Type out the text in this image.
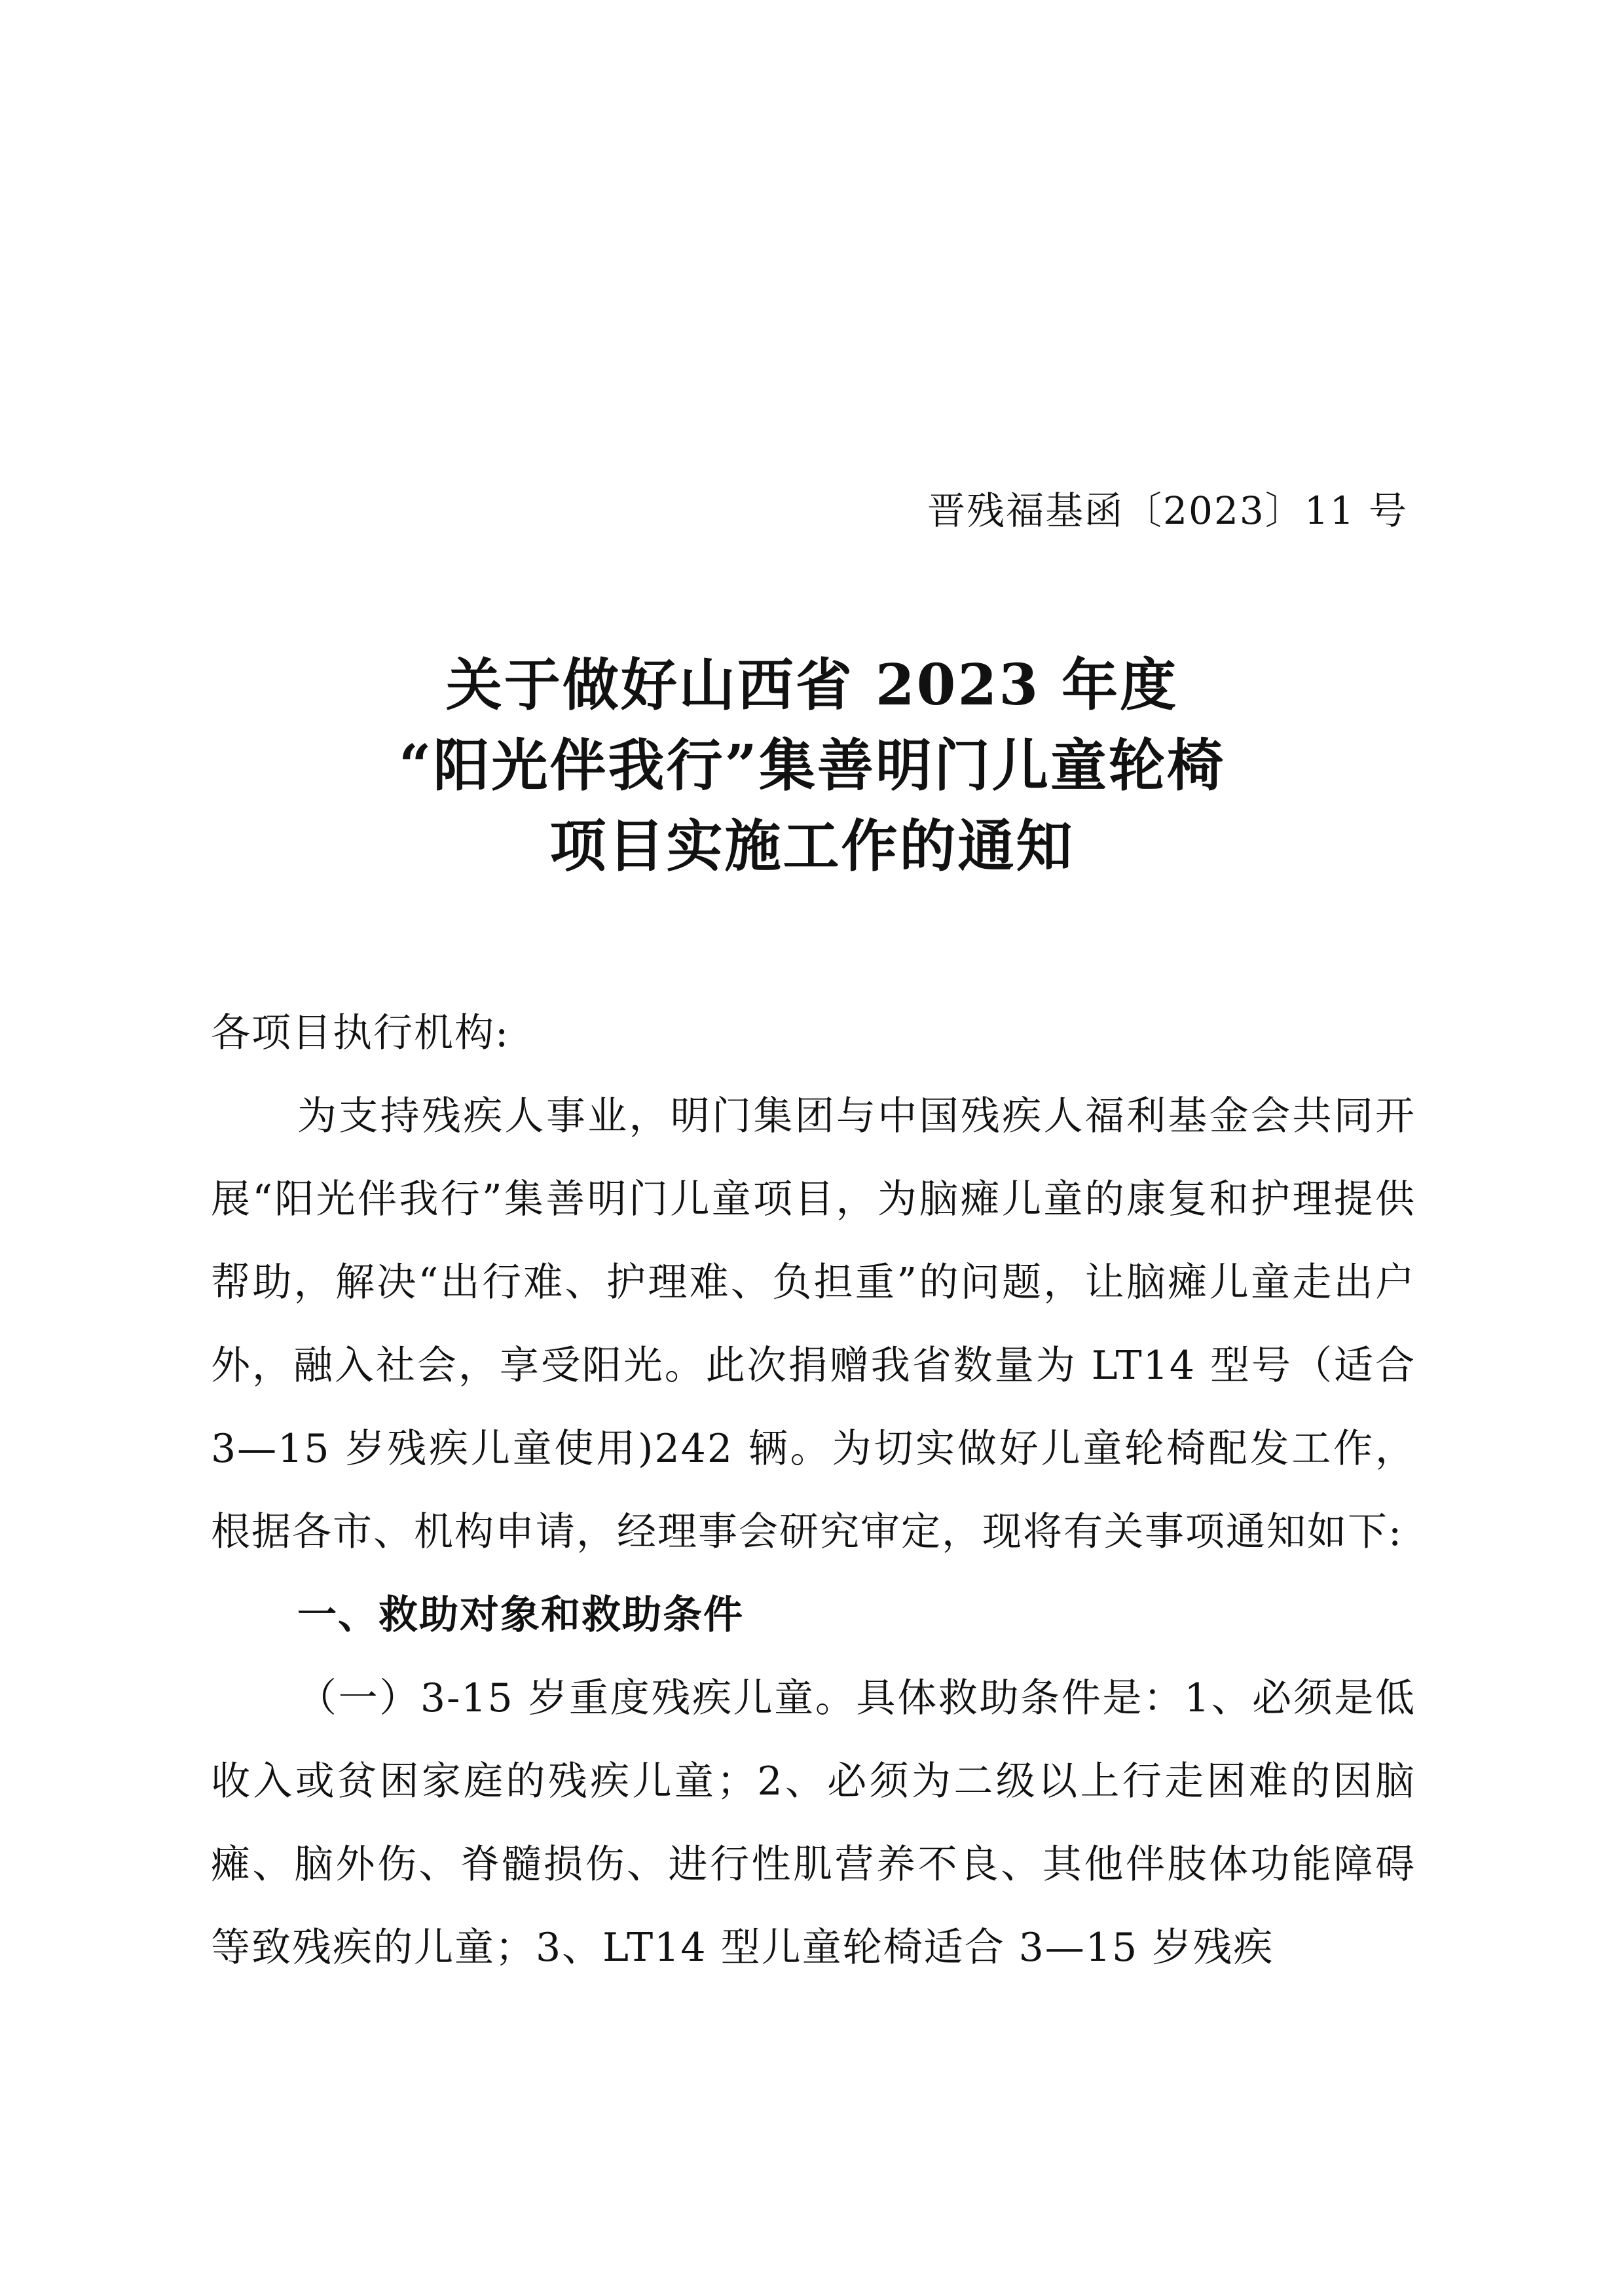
晋残福基函〔2023〕11 号
关于做好山西省 2023 年度
“阳光伴我行”集善明门儿童轮椅
项目实施工作的通知

各项目执行机构:

为支持残疾人事业，明门集团与中国残疾人福利基金会共同开展“阳光伴我行”集善明门儿童项目，为脑瘫儿童的康复和护理提供帮助，解决“出行难、护理难、负担重”的问题，让脑瘫儿童走出户外，融入社会，享受阳光。此次捐赠我省数量为 LT14 型号（适合 3—15 岁残疾儿童使用)242 辆。为切实做好儿童轮椅配发工作，根据各市、机构申请，经理事会研究审定，现将有关事项通知如下:

一、救助对象和救助条件

（一）3-15 岁重度残疾儿童。具体救助条件是：1、必须是低收入或贫困家庭的残疾儿童；2、必须为二级以上行走困难的因脑瘫、脑外伤、脊髓损伤、进行性肌营养不良、其他伴肢体功能障碍等致残疾的儿童；3、LT14 型儿童轮椅适合 3—15 岁残疾
